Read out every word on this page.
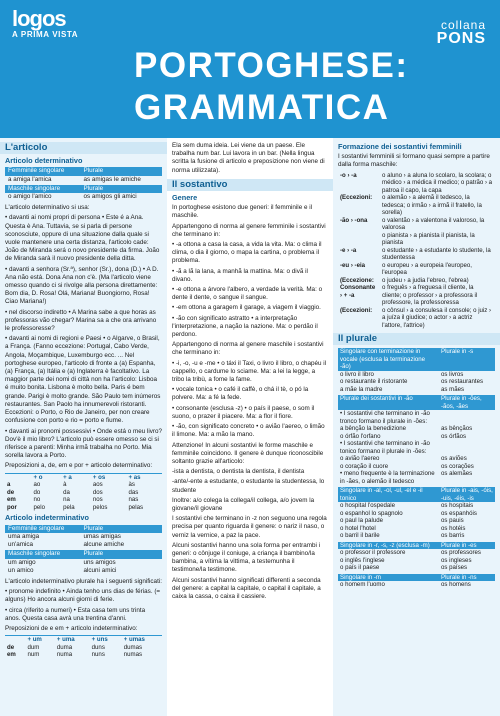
logos
A PRIMA VISTA
collana
PONS
PORTOGHESE:
GRAMMATICA
L'articolo
Articolo determinativo
Femminile singolare	Plurale
a amiga l'amica	as amigas le amiche
Maschile singolare	Plurale
o amigo l'amico	os amigos gli amici

L'articolo determinativo si usa:

• davanti ai nomi propri di persona • Este é a Ana. Questa è Ana. Tuttavia, se si parla di persone sconosciute, oppure di una situazione dalla quale si vuole mantenere una certa distanza, l'articolo cade: João de Miranda será o novo presidente da firma. João de Miranda sarà il nuovo presidente della ditta.

• davanti a senhora (Sr.ª), senhor (Sr.), dona (D.) • A D. Ana não está. Dona Ana non c'è. (Ma l'articolo viene omesso quando ci si rivolge alla persona direttamente: Bom dia, D. Rosa! Olá, Mariana! Buongiorno, Rosa! Ciao Mariana!)

• nel discorso indiretto • A Marina sabe a que horas as professoras vão chegar? Marina sa a che ora arrivano le professoresse?

• davanti ai nomi di regioni e Paesi • o Algarve, o Brasil, a França. (Fanno eccezione: Portugal, Cabo Verde, Angola, Moçambique, Luxemburgo ecc. ... Nel portoghese europeo, l'articolo di fronte a (a) Espanha, (a) França, (a) Itália e (a) Inglaterra è facoltativo. La maggior parte dei nomi di città non ha l'articolo: Lisboa é muito bonita. Lisbona è molto bella. Paris é bem grande. Parigi è molto grande. São Paulo tem inúmeros restaurantes. San Paolo ha innumerevoli ristoranti. Eccezioni: o Porto, o Rio de Janeiro, per non creare confusione con porto e rio = porto e fiume.

• davanti ai pronomi possessivi • Onde está o meu livro? Dov'è il mio libro? L'articolo può essere omesso se ci si riferisce a parenti: Minha irmã trabalha no Porto. Mia sorella lavora a Porto.

Preposizioni a, de, em e por + articolo determinativo:

	+ o	+ a	+ os	+ as
a	ao	à	aos	às
de	do	da	dos	das
em	no	na	nos	nas
por	pelo	pela	pelos	pelas
Articolo indeterminativo
Femminile singolare	Plurale
uma amiga	umas amigas
un'amica	alcune amiche
Maschile singolare	Plurale
um amigo	uns amigos
un amico	alcuni amici

L'articolo indeterminativo plurale ha i seguenti significati:

• pronome indefinito • Ainda tenho uns dias de férias. (= alguns) Ho ancora alcuni giorni di ferie.

• circa (riferito a numeri) • Esta casa tem uns trinta anos. Questa casa avrà una trentina d'anni.

Preposizioni de e em + articolo indeterminativo:

	+ um	+ uma	+ uns	+ umas
de	dum	duma	duns	dumas
em	num	numa	nuns	numas

Ela sem duma ideia. Lei viene da un paese. Ele trabalha num bar. Lui lavora in un bar. (Nella lingua scritta la fusione di articolo e preposizione non viene di norma utilizzata).

Il sostantivo
Genere

In portoghese esistono due generi: il femminile e il maschile.

Appartengono di norma al genere femminile i sostantivi che terminano in:

• -a ottona a casa la casa, a vida la vita. Ma: o clima il clima, o dia il giorno, o mapa la cartina, o problema il problema.

• -ã a lã la lana, a manhã la mattina. Ma: o divã il divano.

• -e ottona a árvore l'albero, a verdade la verità. Ma: o dente il dente, o sangue il sangue.

• -em ottona a garagem il garage, a viagem il viaggio.

• -ão con significato astratto • a interpretação l'interpretazione, a nação la nazione. Ma: o perdão il perdono.

Appartengono di norma al genere maschile i sostantivi che terminano in:

• -i, -o, -u e -me • o táxi il Taxi, o livro il libro, o chapéu il cappello, o cardume lo sciame. Ma: a lei la legge, a tribo la tribù, a fome la fame.

• vocale tonica • o café il caffè, o chá il tè, o pó la polvere. Ma: a fé la fede.

• consonante (esclusa -z) • o país il paese, o som il suono, o prazer il piacere. Ma: a flor il fiore.

• -ão, con significato concreto • o avião l'aereo, o limão il limone. Ma: a mão la mano.

Attenzione! In alcuni sostantivi le forme maschile e femminile coincidono. Il genere è dunque riconoscibile soltanto grazie all'articolo:

-ista a dentista, o dentista la dentista, il dentista

-ante/-ente a estudante, o estudante la studentessa, lo studente

Inoltre: a/o colega la collega/il collega, a/o jovem la giovane/il giovane

I sostantivi che terminano in -z non seguono una regola precisa per quanto riguarda il genere: o nariz il naso, o verniz la vernice, a paz la pace.

Alcuni sostantivi hanno una sola forma per entrambi i generi: o cônjuge il coniuge, a criança il bambino/la bambina, a vítima la vittima, a testemunha il testimone/la testimone.

Alcuni sostantivi hanno significati differenti a seconda del genere: a capital la capitale, o capital il capitale, a caixa la cassa, o caixa il cassiere.

Formazione dei sostantivi femminili

I sostantivi femminili si formano quasi sempre a partire dalla forma maschile:

-o › -a	o aluno › a aluna lo scolaro, la scolara; o médico › a médica il medico; o patrão › a patroa il capo, la capa
(Eccezioni:	o alemão › a alemã il tedesco, la tedesca; o irmão › a irmã il fratello, la sorella)
-ão › -ona	o valentão › a valentona il valoroso, la valorosa
	o pianista › a pianista il pianista, la pianista
-e › -a	o estudante › a estudante lo studente, la studentessa
-eu › -eia	o europeu › a europeia l'europeo, l'europea
(Eccezione:	o judeu › a judia l'ebreo, l'ebrea)
Consonante › + -a	o freguês › a freguesa il cliente, la cliente; o professor › a professora il professore, la professoressa
(Eccezioni:	o cônsul › a consulesa il console; o juiz › a juíza il giudice; o actor › a actriz l'attore, l'attrice)
Il plurale
Singolare con terminazione in vocale (esclusa la terminazione -ão)	Plurale in -s
o livro il libro	os livros
o restaurante il ristorante	os restaurantes
a mãe la madre	as mães
Plurale dei sostantivi in -ão	Plurale in -ões, -ãos, -ães
• I sostantivi che terminano in -ão tronco formano il plurale in -ões:	
a bênção la benedizione	as bênçãos
o órfão l'orfano	os órfãos
• I sostantivi che terminano in -ão tonico formano il plurale in -ões:	
o avião l'aereo	os aviões
o coração il cuore	os corações
• meno frequente è la terminazione in -ães, o alemão il tedesco	os alemães
Singolare in -al, -ol, -ul, -el e -il tonico	Plurale in -ais, -óis, -uis, -éis, -is
o hospital l'ospedale	os hospitais
o espanhol lo spagnolo	os espanhóis
o paul la palude	os pauis
o hotel l'hotel	os hotéis
o barril il barile	os barris
Singolare in -r, -s, -z (esclusa -m)	Plurale in -es
o professor il professore	os professores
o inglês l'inglese	os ingleses
o país il paese	os países
Singolare in -m	Plurale in -ns
o homem l'uomo	os homens
